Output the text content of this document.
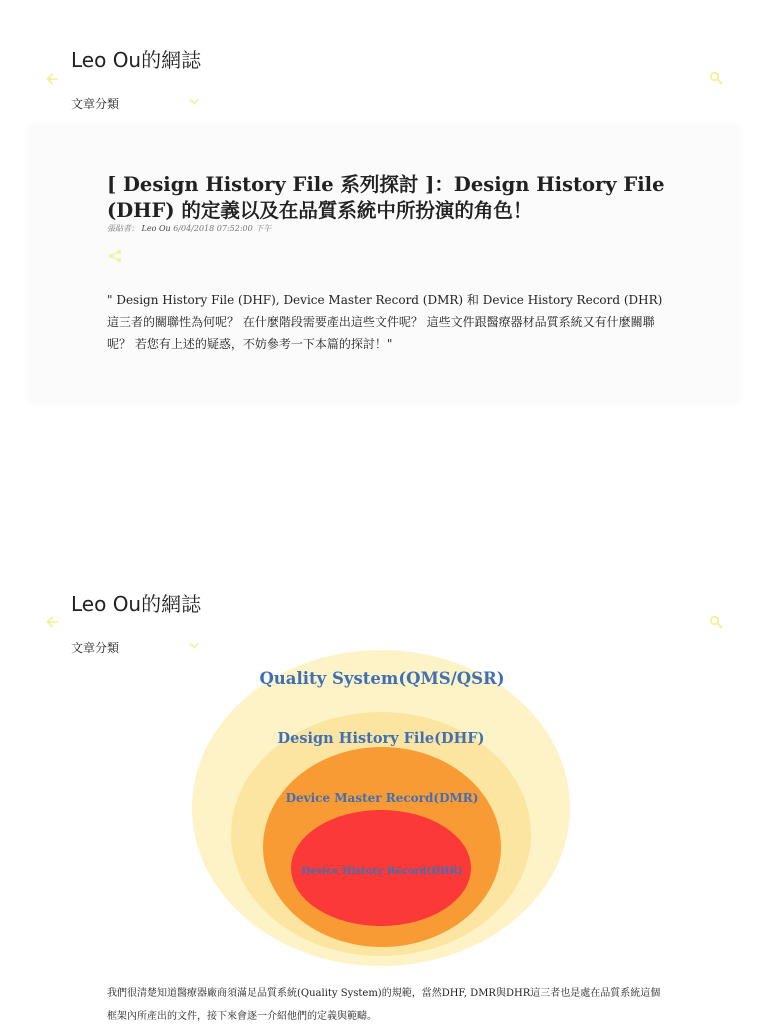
Leo Ou的網誌
文章分類
[ Design History File 系列探討 ]：Design History File (DHF) 的定義以及在品質系統中所扮演的角色！
張貼者： Leo Ou 6/04/2018 07:52:00 下午

" Design History File (DHF), Device Master Record (DMR) 和 Device History Record (DHR) 這三者的關聯性為何呢？ 在什麼階段需要產出這些文件呢？ 這些文件跟醫療器材品質系統又有什麼關聯呢？ 若您有上述的疑惑，不妨參考一下本篇的探討！"

Leo Ou的網誌
文章分類
Quality System(QMS/QSR)
Design History File(DHF)
Device Master Record(DMR)
Device History Record(DHR)

我們很清楚知道醫療器廠商須滿足品質系統(Quality System)的規範，當然DHF, DMR與DHR這三者也是處在品質系統這個框架內所產出的文件，接下來會逐一介紹他們的定義與範疇。
